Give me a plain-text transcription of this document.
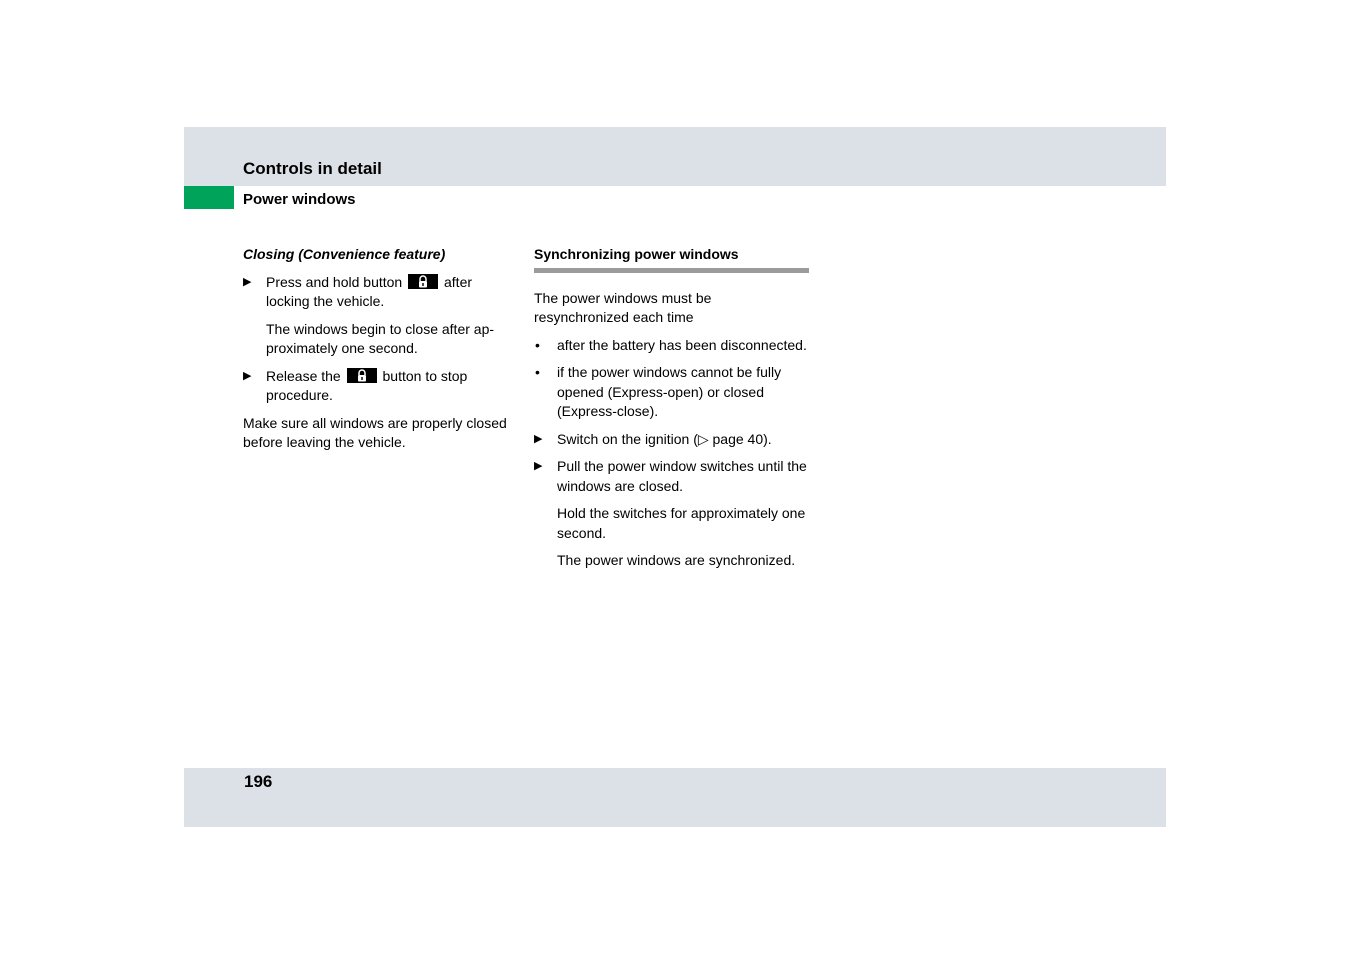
Controls in detail
Power windows

Closing (Convenience feature)

▶ Press and hold button	after locking the vehicle.

The windows begin to close after ap-proximately one second.

▶ Release the	button to stop procedure.

Make sure all windows are properly closed before leaving the vehicle.

Synchronizing power windows

The power windows must be resynchronized each time

• after the battery has been disconnected.

• if the power windows cannot be fully opened (Express-open) or closed (Express-close).

▶ Switch on the ignition (▷ page 40).

▶ Pull the power window switches until the windows are closed.

Hold the switches for approximately one second.

The power windows are synchronized.

196
